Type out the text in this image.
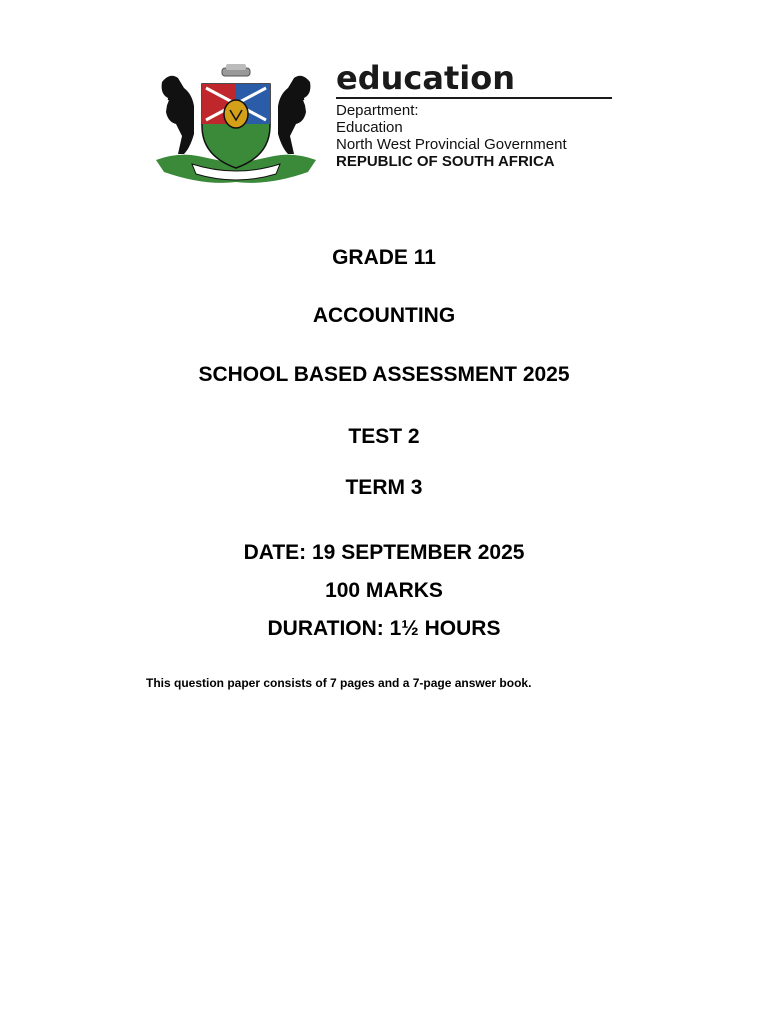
education
Department:
Education
North West Provincial Government
REPUBLIC OF SOUTH AFRICA
GRADE 11
ACCOUNTING
SCHOOL BASED ASSESSMENT 2025
TEST 2
TERM 3
DATE: 19 SEPTEMBER 2025
100 MARKS
DURATION: 1½ HOURS
This question paper consists of 7 pages and a 7-page answer book.
